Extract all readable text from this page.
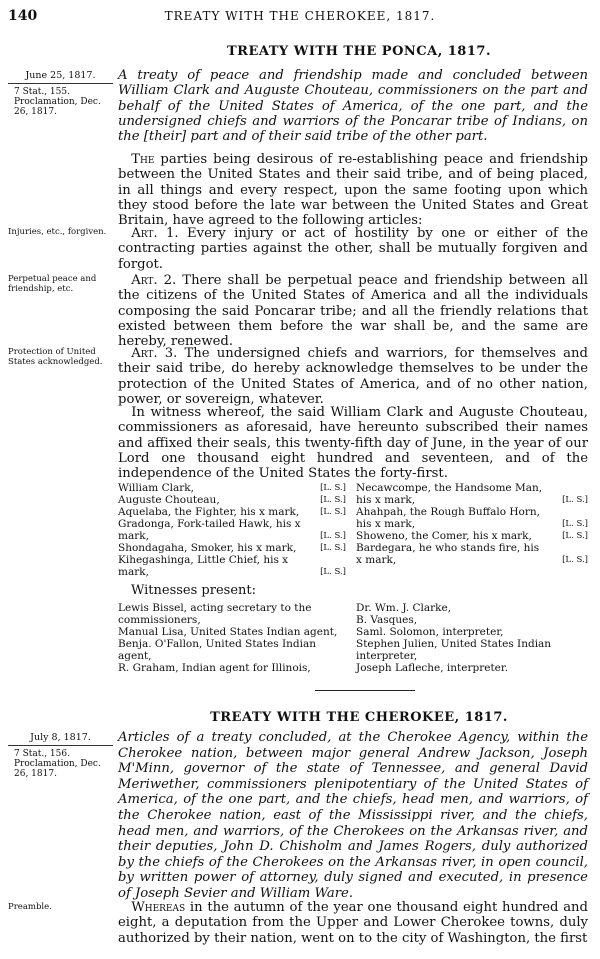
140	TREATY WITH THE CHEROKEE, 1817.
TREATY WITH THE PONCA, 1817.
June 25, 1817.
7 Stat., 155. Proclamation, Dec. 26, 1817.
A treaty of peace and friendship made and concluded between William Clark and Auguste Chouteau, commissioners on the part and behalf of the United States of America, of the one part, and the undersigned chiefs and warriors of the Poncarar tribe of Indians, on the [their] part and of their said tribe of the other part.
The parties being desirous of re-establishing peace and friendship between the United States and their said tribe, and of being placed, in all things and every respect, upon the same footing upon which they stood before the late war between the United States and Great Britain, have agreed to the following articles:
Injuries, etc., forgiven.	Art. 1. Every injury or act of hostility by one or either of the contracting parties against the other, shall be mutually forgiven and forgot.
Perpetual peace and friendship, etc.
Art. 2. There shall be perpetual peace and friendship between all the citizens of the United States of America and all the individuals composing the said Poncarar tribe; and all the friendly relations that existed between them before the war shall be, and the same are hereby, renewed.
Protection of United States acknowledged.
Art. 3. The undersigned chiefs and warriors, for themselves and their said tribe, do hereby acknowledge themselves to be under the protection of the United States of America, and of no other nation, power, or sovereign, whatever.
In witness whereof, the said William Clark and Auguste Chouteau, commissioners as aforesaid, have hereunto subscribed their names and affixed their seals, this twenty-fifth day of June, in the year of our Lord one thousand eight hundred and seventeen, and of the independence of the United States the forty-first.
William Clark,	[L. S.]
Auguste Chouteau,	[L. S.]
Aquelaba, the Fighter, his x mark, [L. S.]
Gradonga, Fork-tailed Hawk, his x mark,	[L. S.]
Shondagaha, Smoker, his x mark,	[L. S.]
Kihegashinga, Little Chief, his x mark,	[L. S.]
Necawcompe, the Handsome Man, his x mark,	[L. S.]
Ahahpah, the Rough Buffalo Horn, his x mark,	[L. S.]
Showeno, the Comer, his x mark,	[L. S.]
Bardegara, he who stands fire, his x mark,	[L. S.]
Witnesses present:
Lewis Bissel, acting secretary to the commissioners,
Manual Lisa, United States Indian agent,
Benja. O'Fallon, United States Indian agent,
R. Graham, Indian agent for Illinois,
Dr. Wm. J. Clarke,
B. Vasques,
Saml. Solomon, interpreter,
Stephen Julien, United States Indian interpreter,
Joseph Lafleche, interpreter.
TREATY WITH THE CHEROKEE, 1817.
July 8, 1817.
7 Stat., 156. Proclamation, Dec. 26, 1817.
Articles of a treaty concluded, at the Cherokee Agency, within the Cherokee nation, between major general Andrew Jackson, Joseph M'Minn, governor of the state of Tennessee, and general David Meriwether, commissioners plenipotentiary of the United States of America, of the one part, and the chiefs, head men, and warriors, of the Cherokee nation, east of the Mississippi river, and the chiefs, head men, and warriors, of the Cherokees on the Arkansas river, and their deputies, John D. Chisholm and James Rogers, duly authorized by the chiefs of the Cherokees on the Arkansas river, in open council, by written power of attorney, duly signed and executed, in presence of Joseph Sevier and William Ware.
Preamble.	Whereas in the autumn of the year one thousand eight hundred and eight, a deputation from the Upper and Lower Cherokee towns, duly authorized by their nation, went on to the city of Washington, the first
